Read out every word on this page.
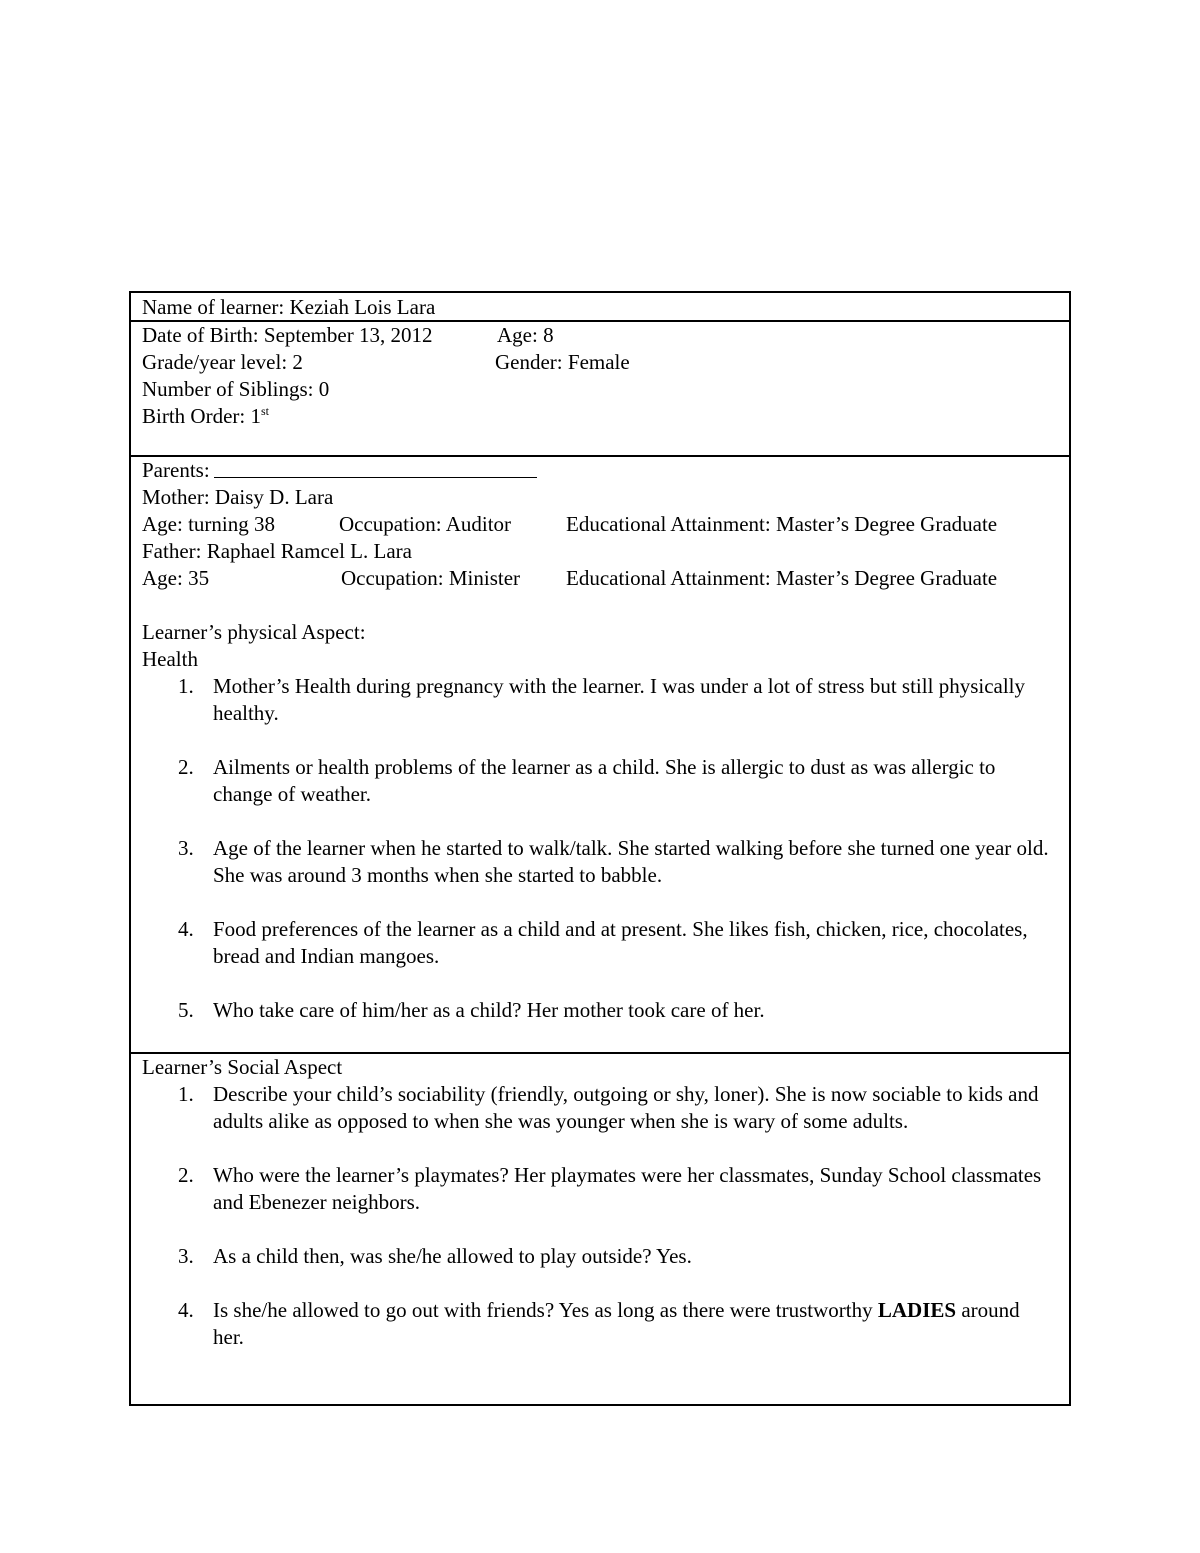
Name of learner: Keziah Lois Lara
Date of Birth: September 13, 2012	Age: 8
Grade/year level: 2	Gender: Female
Number of Siblings: 0
Birth Order: 1st
Parents:
Mother: Daisy D. Lara
Age: turning 38	Occupation: Auditor	Educational Attainment: Master’s Degree Graduate
Father: Raphael Ramcel L. Lara
Age: 35	Occupation: Minister Educational Attainment: Master’s Degree Graduate
Learner’s physical Aspect:
Health
1. Mother’s Health during pregnancy with the learner. I was under a lot of stress but still physically healthy.
2. Ailments or health problems of the learner as a child. She is allergic to dust as was allergic to change of weather.
3. Age of the learner when he started to walk/talk. She started walking before she turned one year old. She was around 3 months when she started to babble.
4. Food preferences of the learner as a child and at present. She likes fish, chicken, rice, chocolates, bread and Indian mangoes.
5. Who take care of him/her as a child? Her mother took care of her.
Learner’s Social Aspect
1. Describe your child’s sociability (friendly, outgoing or shy, loner). She is now sociable to kids and adults alike as opposed to when she was younger when she is wary of some adults.
2. Who were the learner’s playmates? Her playmates were her classmates, Sunday School classmates and Ebenezer neighbors.
3. As a child then, was she/he allowed to play outside? Yes.
4. Is she/he allowed to go out with friends? Yes as long as there were trustworthy LADIES around her.
